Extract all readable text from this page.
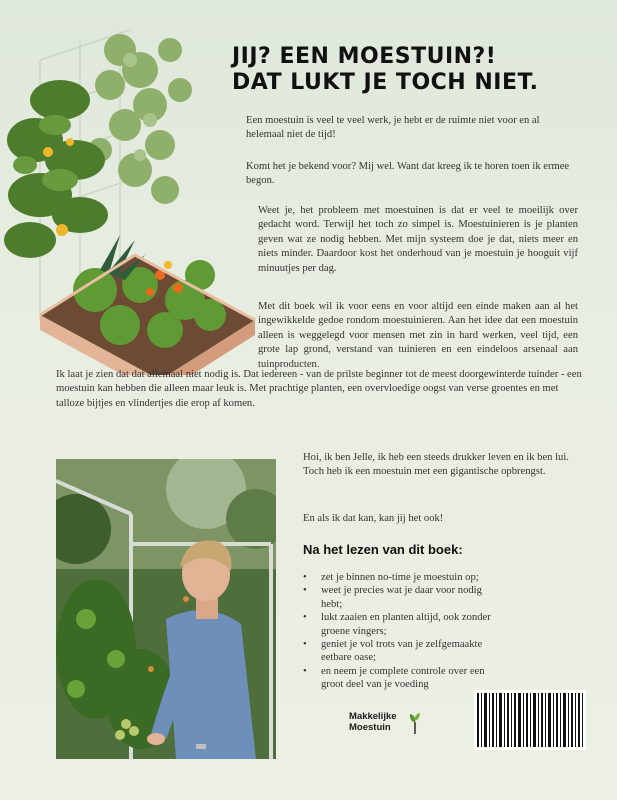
JIJ? EEN MOESTUIN?!
DAT LUKT JE TOCH NIET.
Een moestuin is veel te veel werk, je hebt er de ruimte niet voor en al helemaal niet de tijd!
Komt het je bekend voor? Mij wel. Want dat kreeg ik te horen toen ik ermee begon.
Weet je, het probleem met moestuinen is dat er veel te moeilijk over gedacht word. Terwijl het toch zo simpel is. Moestuinieren is je planten geven wat ze nodig hebben. Met mijn systeem doe je dat, niets meer en niets minder. Daardoor kost het onderhoud van je moestuin je hooguit vijf minuutjes per dag.
Met dit boek wil ik voor eens en voor altijd een einde maken aan al het ingewikkelde gedoe rondom moestuinieren. Aan het idee dat een moestuin alleen is weggelegd voor mensen met zin in hard werken, veel tijd, een grote lap grond, verstand van tuinieren en een eindeloos arsenaal aan tuinproducten.
Ik laat je zien dat dat allemaal niet nodig is. Dat iedereen - van de prilste beginner tot de meest doorgewinterde tuinder - een moestuin kan hebben die alleen maar leuk is. Met prachtige planten, een overvloedige oogst van verse groentes en met talloze bijtjes en vlindertjes die erop af komen.
Hoi, ik ben Jelle, ik heb een steeds drukker leven en ik ben lui. Toch heb ik een moestuin met een gigantische opbrengst.
En als ik dat kan, kan jij het ook!
Na het lezen van dit boek:
• zet je binnen no-time je moestuin op;
• weet je precies wat je daar voor nodig hebt;
• lukt zaaien en planten altijd, ook zonder groene vingers;
• geniet je vol trots van je zelfgemaakte eetbare oase;
• en neem je complete controle over een groot deel van je voeding
Makkelijke
Moestuin
